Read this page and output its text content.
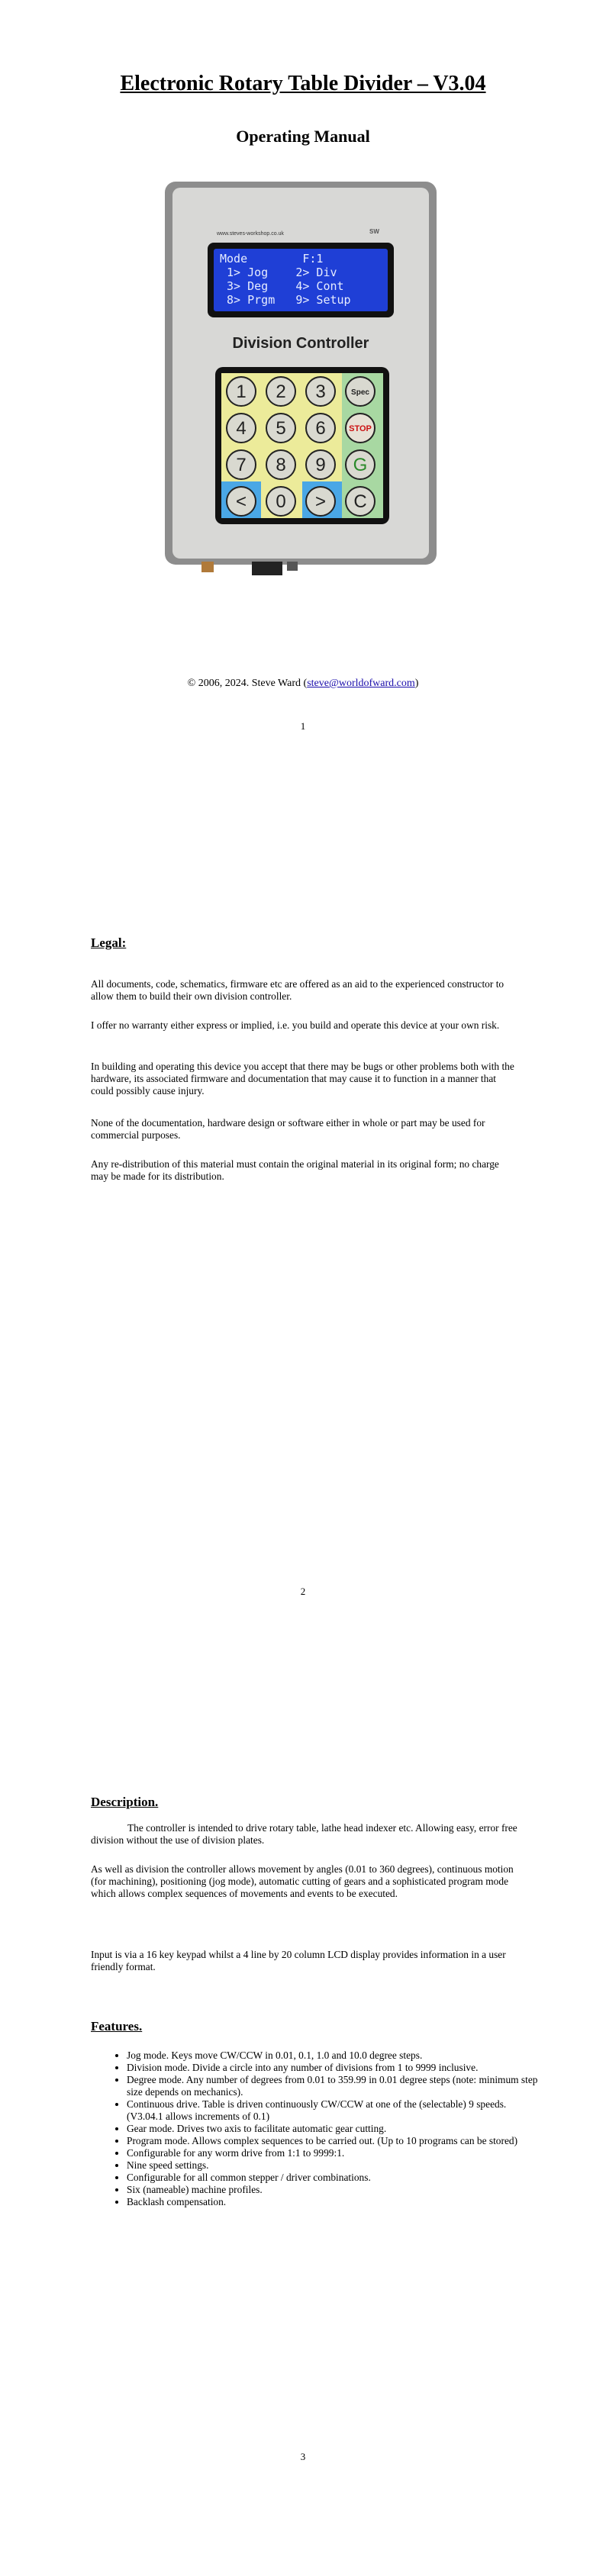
Electronic Rotary Table Divider – V3.04
Operating Manual
www.steves-workshop.co.uk	SW
Mode        F:1
1> Jog    2> Div
3> Deg    4> Cont
8> Prgm   9> Setup
Division Controller
1 2 3	Spec
4 5 6	STOP
7 8 9 G
< 0 > C
© 2006, 2024. Steve Ward (steve@worldofward.com)
1
Legal:
All documents, code, schematics, firmware etc are offered as an aid to the experienced constructor to allow them to build their own division controller.
I offer no warranty either express or implied, i.e. you build and operate this device at your own risk.
In building and operating this device you accept that there may be bugs or other problems both with the hardware, its associated firmware and documentation that may cause it to function in a manner that could possibly cause injury.
None of the documentation, hardware design or software either in whole or part may be used for commercial purposes.
Any re-distribution of this material must contain the original material in its original form; no charge may be made for its distribution.
2
Description.
The controller is intended to drive rotary table, lathe head indexer etc. Allowing easy, error free division without the use of division plates.
As well as division the controller allows movement by angles (0.01 to 360 degrees), continuous motion (for machining), positioning (jog mode), automatic cutting of gears and a sophisticated program mode which allows complex sequences of movements and events to be executed.
Input is via a 16 key keypad whilst a 4 line by 20 column LCD display provides information in a user friendly format.
Features.
• Jog mode. Keys move CW/CCW in 0.01, 0.1, 1.0 and 10.0 degree steps.
• Division mode. Divide a circle into any number of divisions from 1 to 9999 inclusive.
• Degree mode. Any number of degrees from 0.01 to 359.99 in 0.01 degree steps (note: minimum step size depends on mechanics).
• Continuous drive. Table is driven continuously CW/CCW at one of the (selectable) 9 speeds. (V3.04.1 allows increments of 0.1)
• Gear mode. Drives two axis to facilitate automatic gear cutting.
• Program mode. Allows complex sequences to be carried out. (Up to 10 programs can be stored)
• Configurable for any worm drive from 1:1 to 9999:1.
• Nine speed settings.
• Configurable for all common stepper / driver combinations.
• Six (nameable) machine profiles.
• Backlash compensation.
3
